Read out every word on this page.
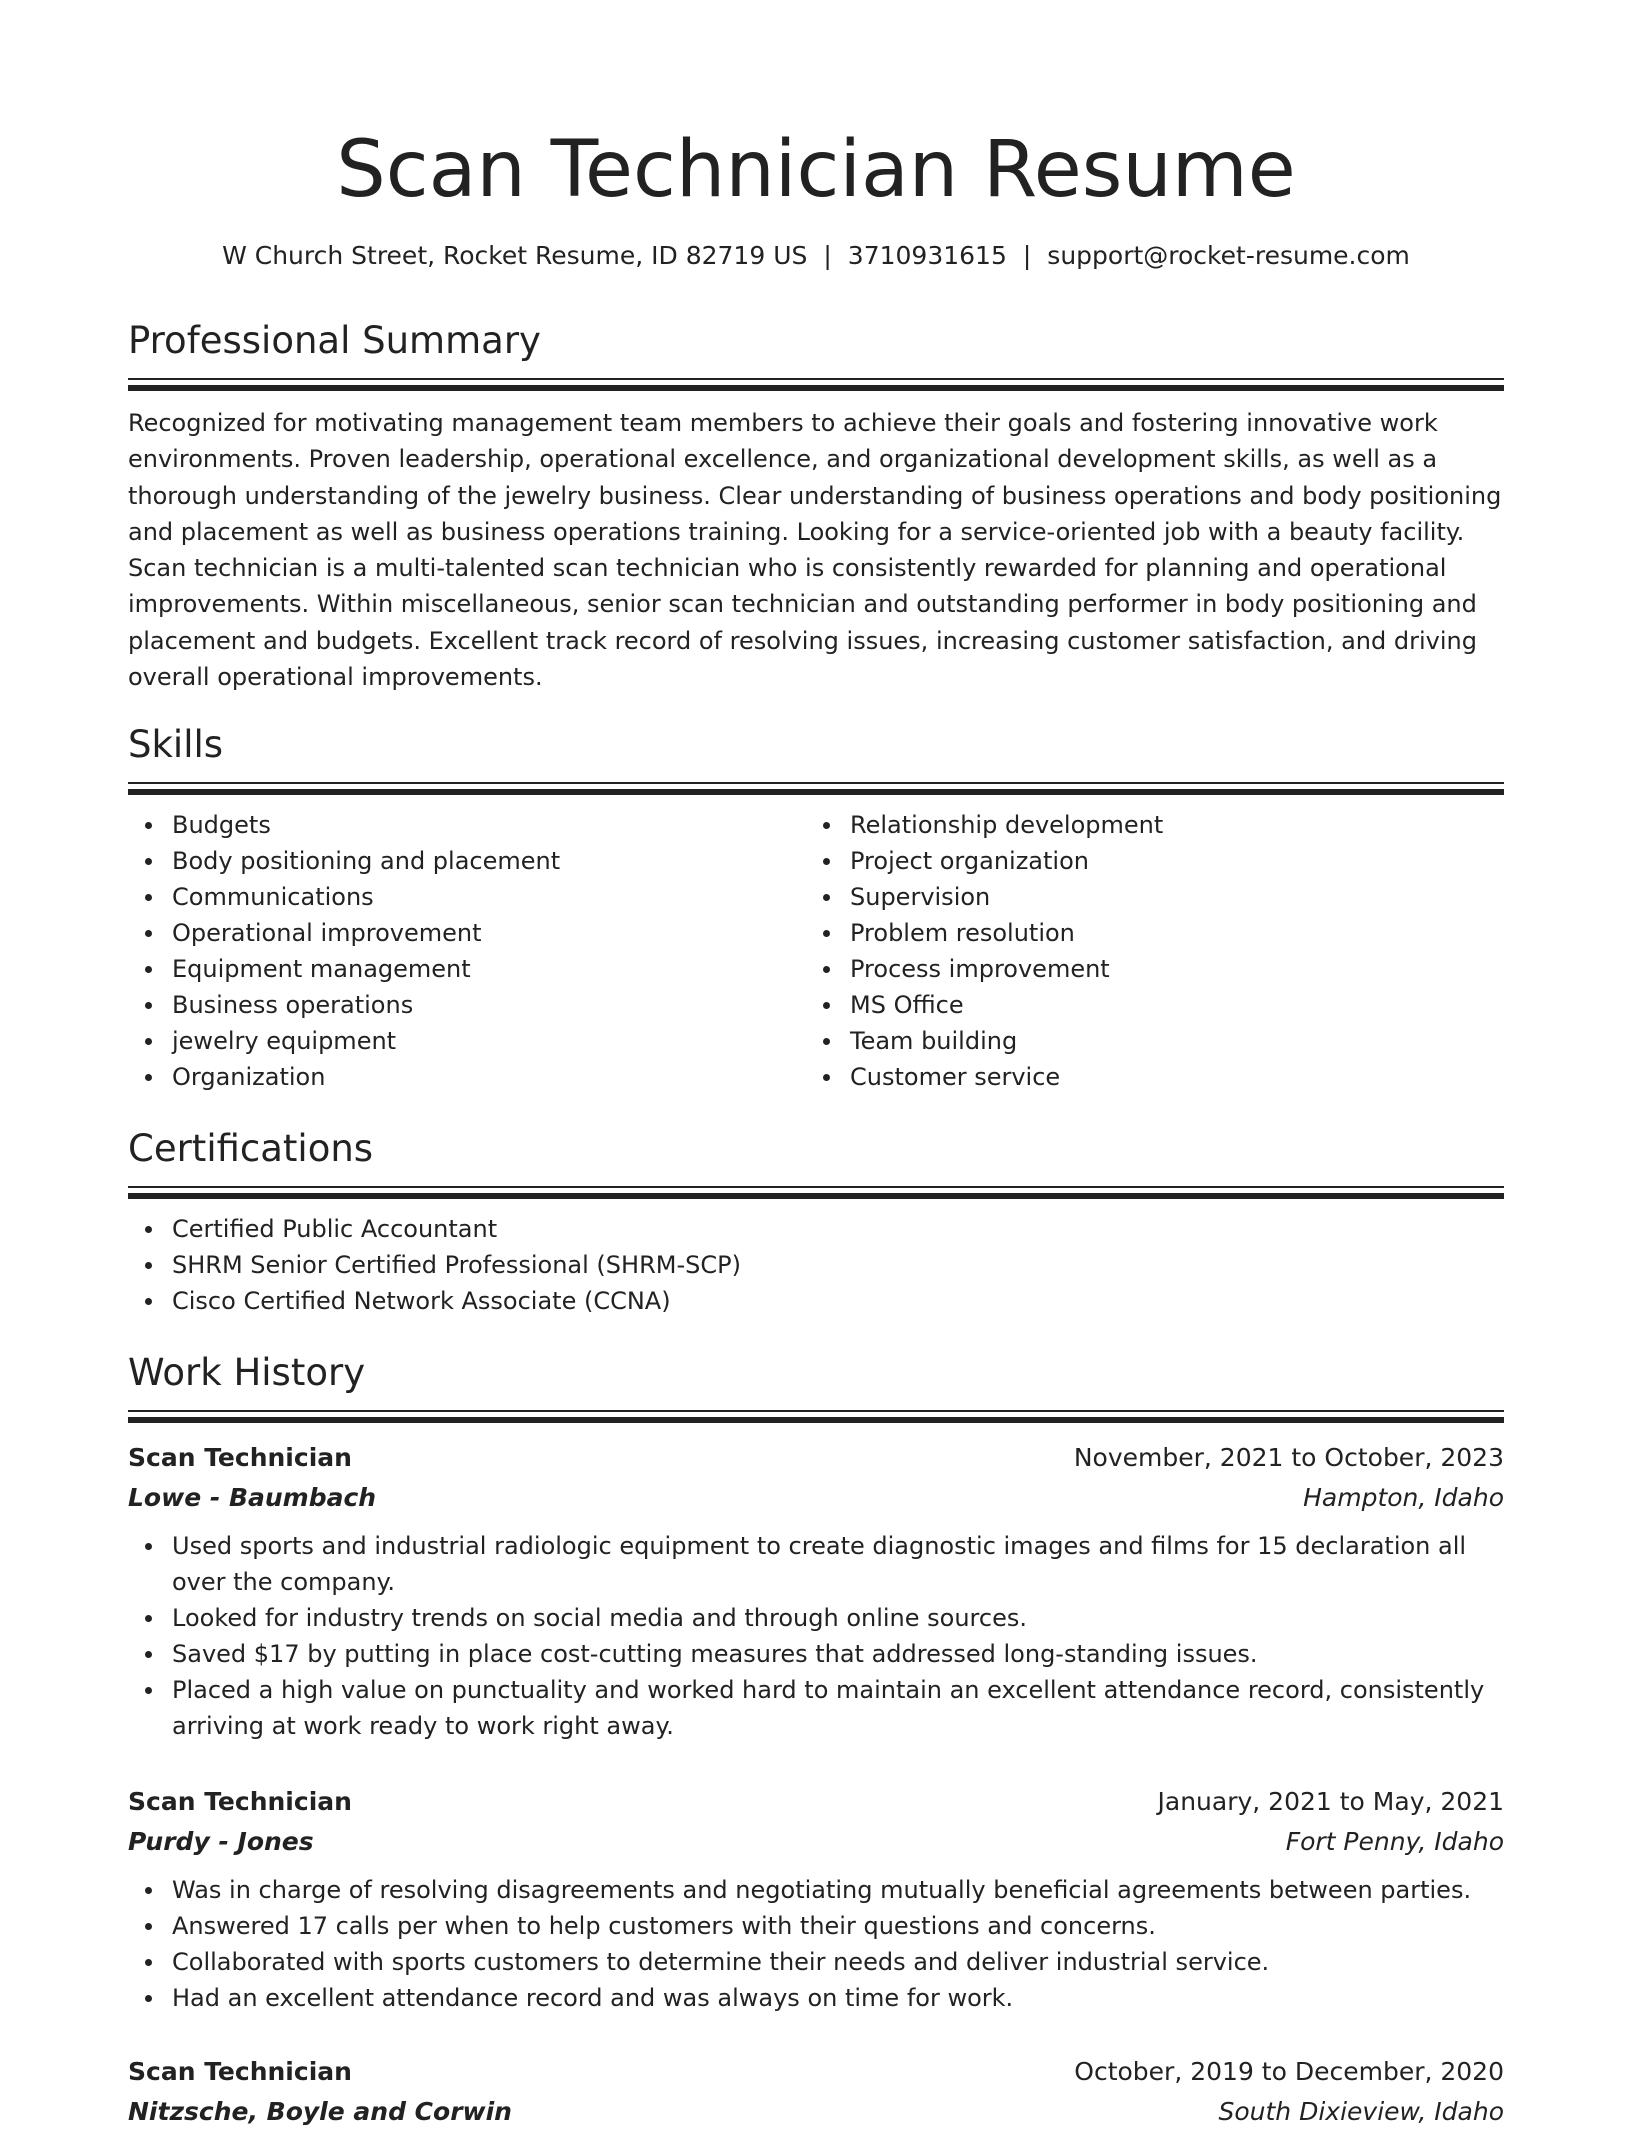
Scan Technician Resume
W Church Street, Rocket Resume, ID 82719 US | 3710931615 | support@rocket-resume.com
Professional Summary

Recognized for motivating management team members to achieve their goals and fostering innovative work environments. Proven leadership, operational excellence, and organizational development skills, as well as a thorough understanding of the jewelry business. Clear understanding of business operations and body positioning and placement as well as business operations training. Looking for a service-oriented job with a beauty facility. Scan technician is a multi-talented scan technician who is consistently rewarded for planning and operational improvements. Within miscellaneous, senior scan technician and outstanding performer in body positioning and placement and budgets. Excellent track record of resolving issues, increasing customer satisfaction, and driving overall operational improvements.

Skills
Budgets
Body positioning and placement
Communications
Operational improvement
Equipment management
Business operations
jewelry equipment
Organization
Relationship development
Project organization
Supervision
Problem resolution
Process improvement
MS Office
Team building
Customer service
Certifications
Certified Public Accountant
SHRM Senior Certified Professional (SHRM-SCP)
Cisco Certified Network Associate (CCNA)
Work History
Scan Technician	November, 2021 to October, 2023
Lowe - Baumbach	Hampton, Idaho
Used sports and industrial radiologic equipment to create diagnostic images and films for 15 declaration all over the company.
Looked for industry trends on social media and through online sources.
Saved $17 by putting in place cost-cutting measures that addressed long-standing issues.
Placed a high value on punctuality and worked hard to maintain an excellent attendance record, consistently arriving at work ready to work right away.
Scan Technician	January, 2021 to May, 2021
Purdy - Jones	Fort Penny, Idaho
Was in charge of resolving disagreements and negotiating mutually beneficial agreements between parties.
Answered 17 calls per when to help customers with their questions and concerns.
Collaborated with sports customers to determine their needs and deliver industrial service.
Had an excellent attendance record and was always on time for work.
Scan Technician	October, 2019 to December, 2020
Nitzsche, Boyle and Corwin	South Dixieview, Idaho
